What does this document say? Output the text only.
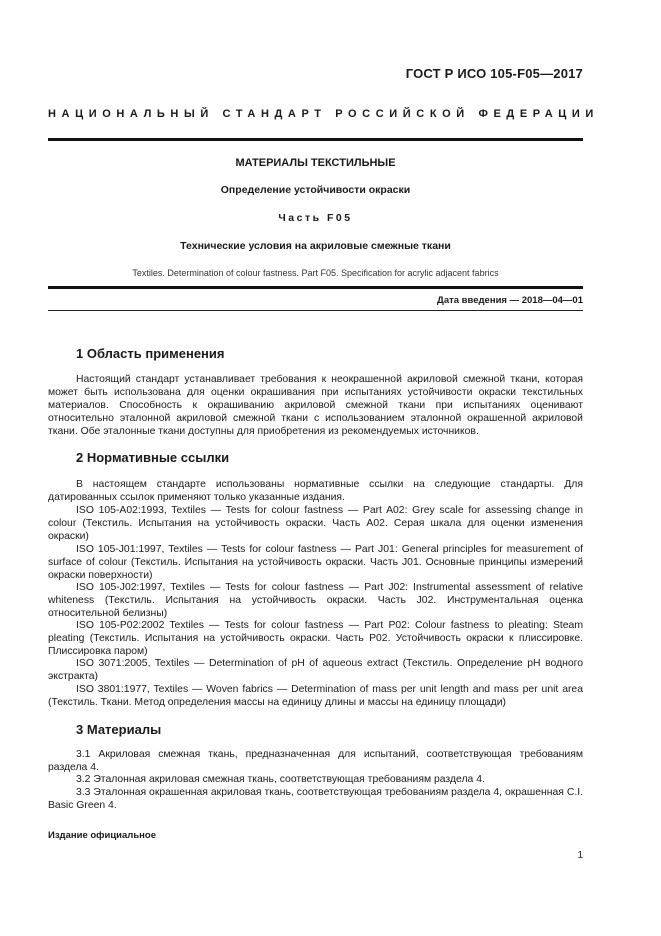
ГОСТ Р ИСО 105-F05—2017
НАЦИОНАЛЬНЫЙ СТАНДАРТ РОССИЙСКОЙ ФЕДЕРАЦИИ
МАТЕРИАЛЫ ТЕКСТИЛЬНЫЕ
Определение устойчивости окраски
Часть F05
Технические условия на акриловые смежные ткани
Textiles. Determination of colour fastness. Part F05. Specification for acrylic adjacent fabrics
Дата введения — 2018—04—01
1 Область применения

Настоящий стандарт устанавливает требования к неокрашенной акриловой смежной ткани, которая может быть использована для оценки окрашивания при испытаниях устойчивости окраски текстильных материалов. Способность к окрашиванию акриловой смежной ткани при испытаниях оценивают относительно эталонной акриловой смежной ткани с использованием эталонной окрашенной акриловой ткани. Обе эталонные ткани доступны для приобретения из рекомендуемых источников.

2 Нормативные ссылки

В настоящем стандарте использованы нормативные ссылки на следующие стандарты. Для датированных ссылок применяют только указанные издания.

ISO 105-A02:1993, Textiles — Tests for colour fastness — Part A02: Grey scale for assessing change in colour (Текстиль. Испытания на устойчивость окраски. Часть A02. Серая шкала для оценки изменения окраски)

ISO 105-J01:1997, Textiles — Tests for colour fastness — Part J01: General principles for measurement of surface of colour (Текстиль. Испытания на устойчивость окраски. Часть J01. Основные принципы измерений окраски поверхности)

ISO 105-J02:1997, Textiles — Tests for colour fastness — Part J02: Instrumental assessment of relative whiteness (Текстиль. Испытания на устойчивость окраски. Часть J02. Инструментальная оценка относительной белизны)

ISO 105-P02:2002 Textiles — Tests for colour fastness — Part P02: Colour fastness to pleating: Steam pleating (Текстиль. Испытания на устойчивость окраски. Часть P02. Устойчивость окраски к плиссировке. Плиссировка паром)

ISO 3071:2005, Textiles — Determination of pH of aqueous extract (Текстиль. Определение pH водного экстракта)

ISO 3801:1977, Textiles — Woven fabrics — Determination of mass per unit length and mass per unit area (Текстиль. Ткани. Метод определения массы на единицу длины и массы на единицу площади)

3 Материалы

3.1 Акриловая смежная ткань, предназначенная для испытаний, соответствующая требованиям раздела 4.

3.2 Эталонная акриловая смежная ткань, соответствующая требованиям раздела 4.

3.3 Эталонная окрашенная акриловая ткань, соответствующая требованиям раздела 4, окрашенная C.I. Basic Green 4.

Издание официальное
1
